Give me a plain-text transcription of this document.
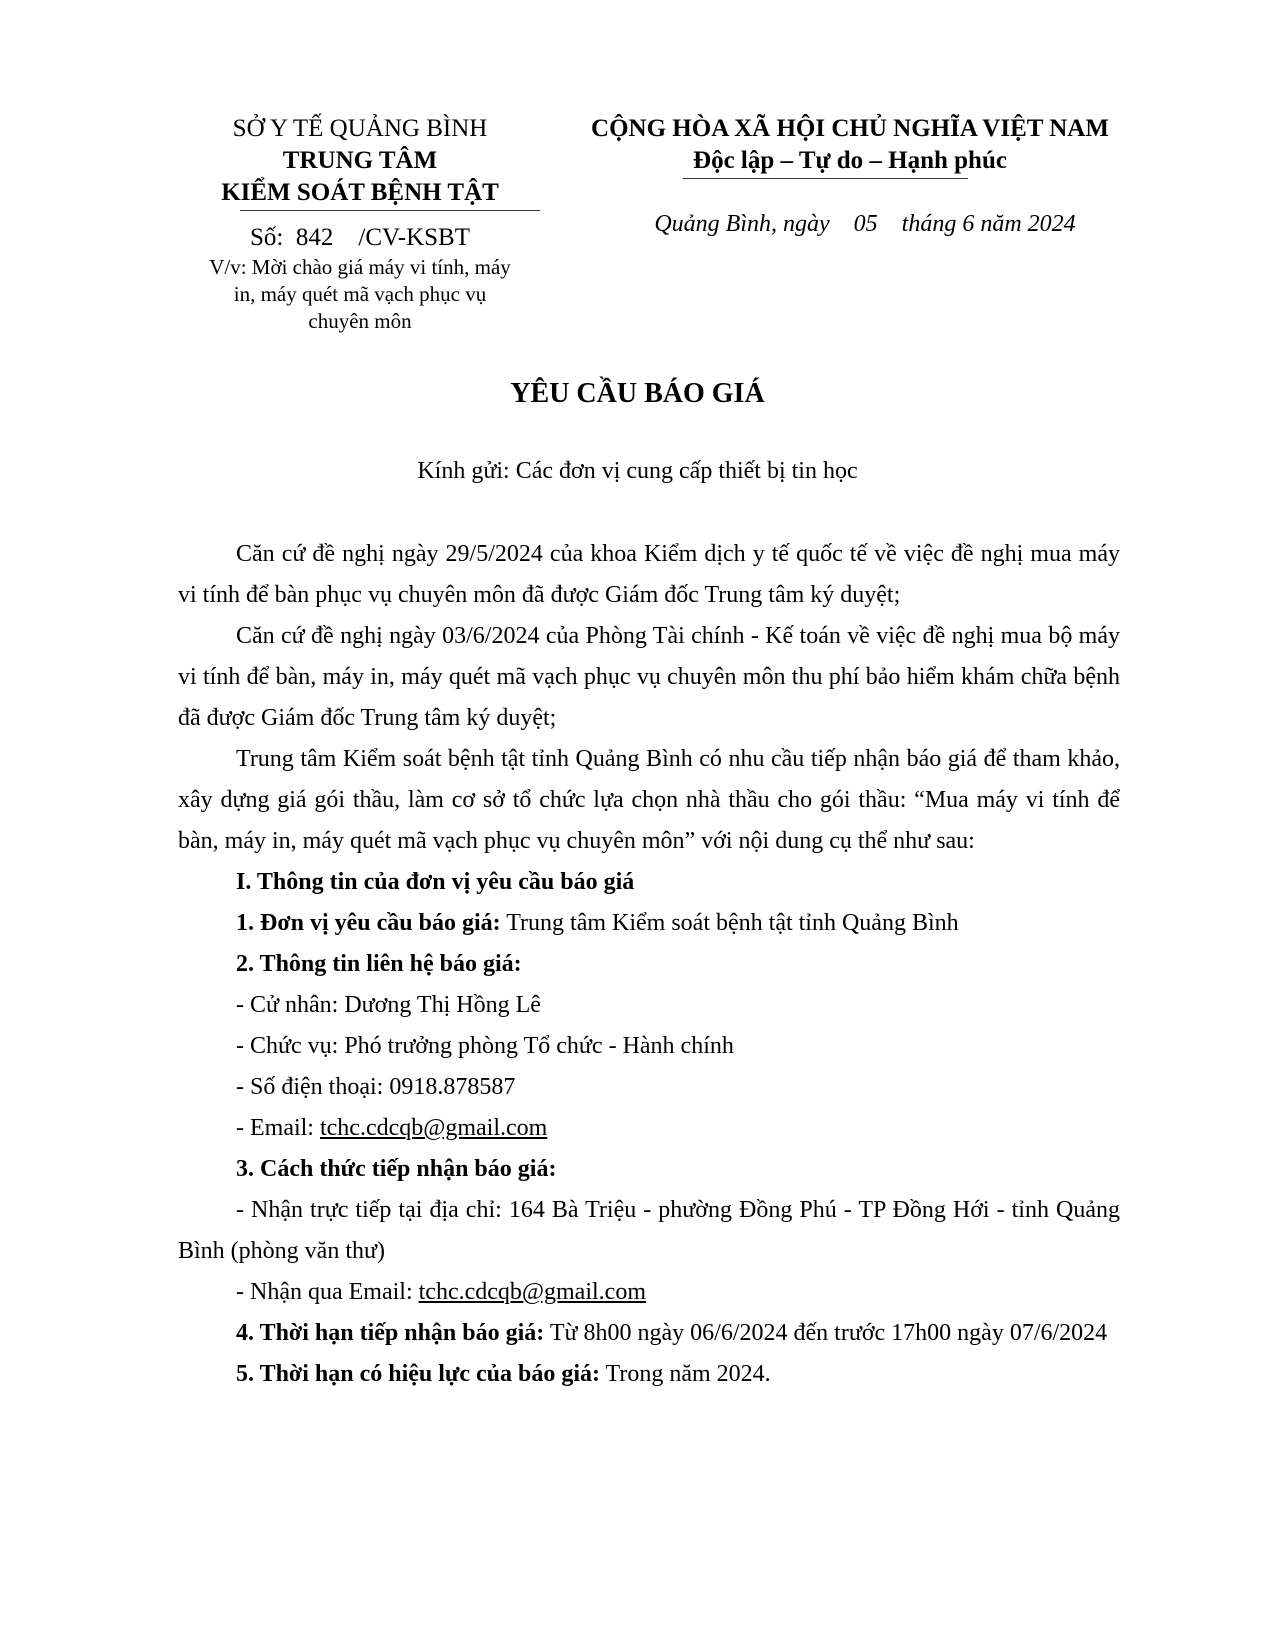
SỞ Y TẾ QUẢNG BÌNH
TRUNG TÂM
KIỂM SOÁT BỆNH TẬT
Số: 842 /CV-KSBT
V/v: Mời chào giá máy vi tính, máy
in, máy quét mã vạch phục vụ
chuyên môn
CỘNG HÒA XÃ HỘI CHỦ NGHĨA VIỆT NAM
Độc lập – Tự do – Hạnh phúc
Quảng Bình, ngày 05 tháng 6 năm 2024
YÊU CẦU BÁO GIÁ
Kính gửi: Các đơn vị cung cấp thiết bị tin học

Căn cứ đề nghị ngày 29/5/2024 của khoa Kiểm dịch y tế quốc tế về việc đề nghị mua máy vi tính để bàn phục vụ chuyên môn đã được Giám đốc Trung tâm ký duyệt;

Căn cứ đề nghị ngày 03/6/2024 của Phòng Tài chính - Kế toán về việc đề nghị mua bộ máy vi tính để bàn, máy in, máy quét mã vạch phục vụ chuyên môn thu phí bảo hiểm khám chữa bệnh đã được Giám đốc Trung tâm ký duyệt;

Trung tâm Kiểm soát bệnh tật tỉnh Quảng Bình có nhu cầu tiếp nhận báo giá để tham khảo, xây dựng giá gói thầu, làm cơ sở tổ chức lựa chọn nhà thầu cho gói thầu: “Mua máy vi tính để bàn, máy in, máy quét mã vạch phục vụ chuyên môn” với nội dung cụ thể như sau:

I. Thông tin của đơn vị yêu cầu báo giá

1. Đơn vị yêu cầu báo giá: Trung tâm Kiểm soát bệnh tật tỉnh Quảng Bình

2. Thông tin liên hệ báo giá:

- Cử nhân: Dương Thị Hồng Lê

- Chức vụ: Phó trưởng phòng Tổ chức - Hành chính

- Số điện thoại: 0918.878587

- Email: tchc.cdcqb@gmail.com

3. Cách thức tiếp nhận báo giá:

- Nhận trực tiếp tại địa chỉ: 164 Bà Triệu - phường Đồng Phú - TP Đồng Hới - tỉnh Quảng Bình (phòng văn thư)

- Nhận qua Email: tchc.cdcqb@gmail.com

4. Thời hạn tiếp nhận báo giá: Từ 8h00 ngày 06/6/2024 đến trước 17h00 ngày 07/6/2024

5. Thời hạn có hiệu lực của báo giá: Trong năm 2024.
